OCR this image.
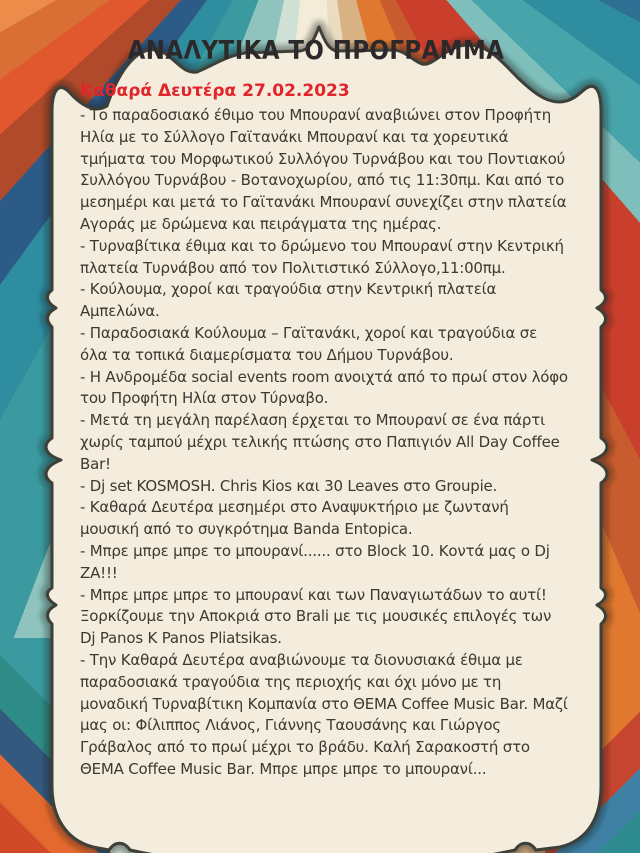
ΑΝΑΛΥΤΙΚΑ ΤΟ ΠΡΟΓΡΑΜΜΑ
Καθαρά Δευτέρα 27.02.2023

- Το παραδοσιακό έθιμο του Μπουρανί αναβιώνει στον Προφήτη Ηλία με το Σύλλογο Γαϊτανάκι Μπουρανί και τα χορευτικά τμήματα του Μορφωτικού Συλλόγου Τυρνάβου και του Ποντιακού Συλλόγου Τυρνάβου - Βοτανοχωρίου, από τις 11:30πμ. Και από το μεσημέρι και μετά το Γαϊτανάκι Μπουρανί συνεχίζει στην πλατεία Αγοράς με δρώμενα και πειράγματα της ημέρας.

- Τυρναβίτικα έθιμα και το δρώμενο του Μπουρανί στην Κεντρική πλατεία Τυρνάβου από τον Πολιτιστικό Σύλλογο,11:00πμ.

- Κούλουμα, χοροί και τραγούδια στην Κεντρική πλατεία Αμπελώνα.

- Παραδοσιακά Κούλουμα – Γαϊτανάκι, χοροί και τραγούδια σε όλα τα τοπικά διαμερίσματα του Δήμου Τυρνάβου.

- Η Ανδρομέδα social events room ανοιχτά από το πρωί στον λόφο του Προφήτη Ηλία στον Τύρναβο.

- Μετά τη μεγάλη παρέλαση έρχεται το Μπουρανί σε ένα πάρτι χωρίς ταμπού μέχρι τελικής πτώσης στο Παπιγιόν All Day Coffee Bar!

- Dj set KOSMOSH. Chris Kios και 30 Leaves στο Groupie.

- Καθαρά Δευτέρα μεσημέρι στο Αναψυκτήριο με ζωντανή μουσική από το συγκρότημα Banda Entopica.

- Μπρε μπρε μπρε το μπουρανί...... στο Block 10. Κοντά μας ο Dj ZA!!!

- Μπρε μπρε μπρε το μπουρανί και των Παναγιωτάδων το αυτί! Ξορκίζουμε την Αποκριά στο Brali με τις μουσικές επιλογές των Dj Panos K Panos Pliatsikas.

- Την Καθαρά Δευτέρα αναβιώνουμε τα διονυσιακά έθιμα με παραδοσιακά τραγούδια της περιοχής και όχι μόνο με τη μοναδική Τυρναβίτικη Κομπανία στο ΘΕΜΑ Coffee Music Bar. Μαζί μας οι: Φίλιππος Λιάνος, Γιάννης Ταουσάνης και Γιώργος Γράβαλος από το πρωί μέχρι το βράδυ. Καλή Σαρακοστή στο ΘΕΜΑ Coffee Music Bar. Μπρε μπρε μπρε το μπουρανί...
